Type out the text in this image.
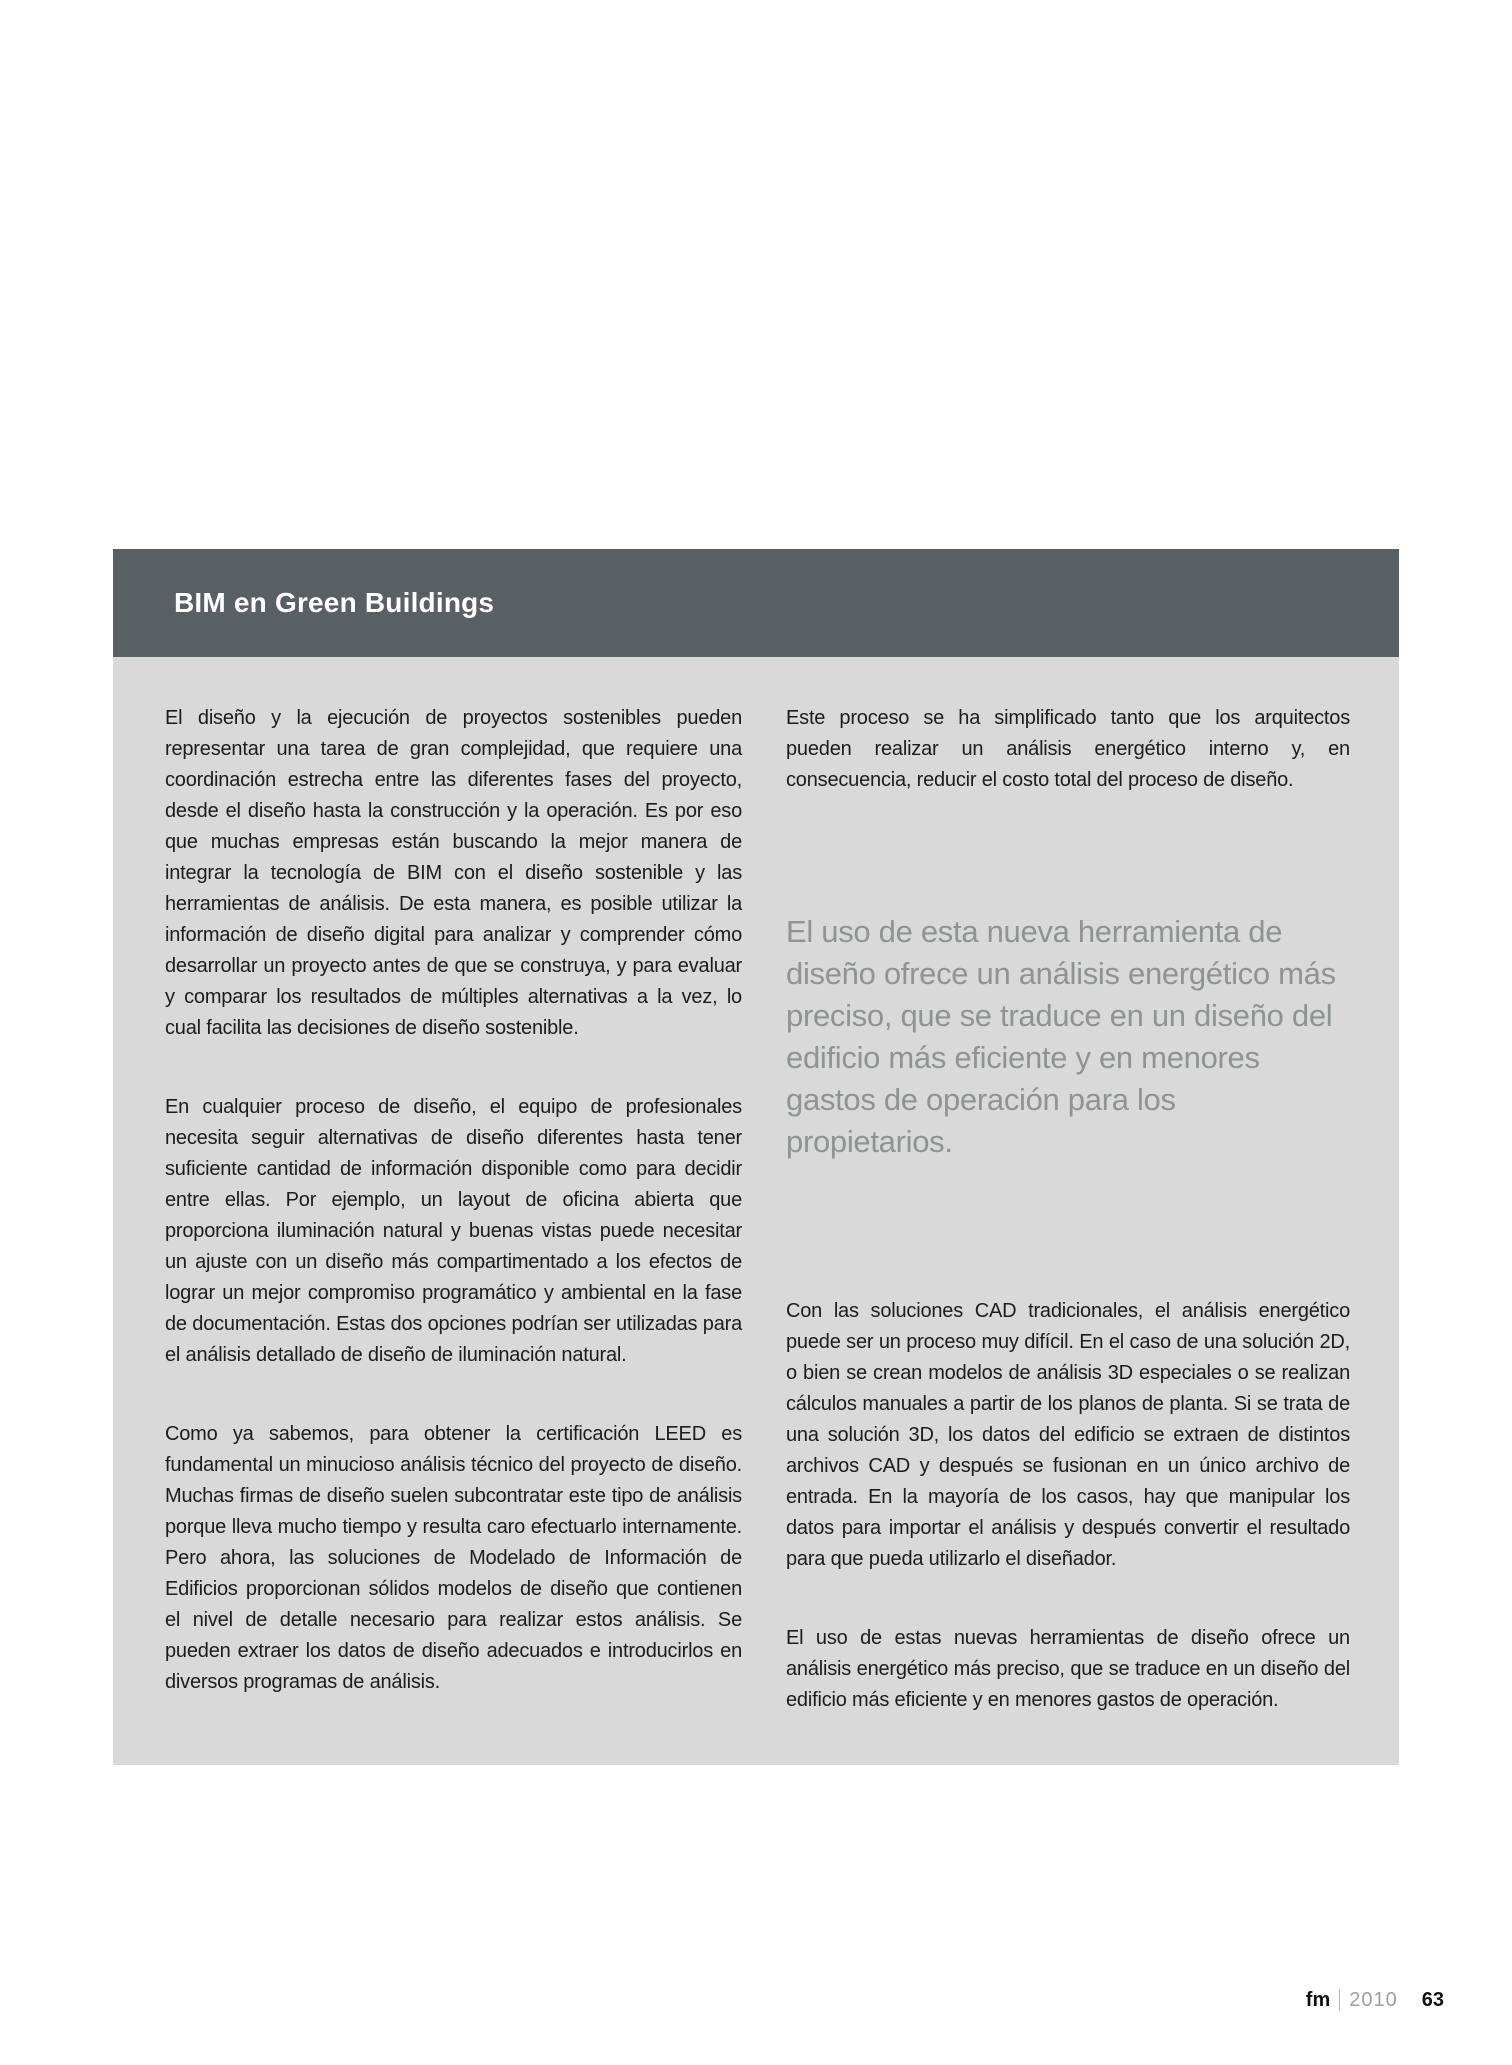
BIM en Green Buildings

El diseño y la ejecución de proyectos sostenibles pueden representar una tarea de gran complejidad, que requiere una coordinación estrecha entre las diferentes fases del proyecto, desde el diseño hasta la construcción y la operación. Es por eso que muchas empresas están buscando la mejor manera de integrar la tecnología de BIM con el diseño sostenible y las herramientas de análisis. De esta manera, es posible utilizar la información de diseño digital para analizar y comprender cómo desarrollar un proyecto antes de que se construya, y para evaluar y comparar los resultados de múltiples alternativas a la vez, lo cual facilita las decisiones de diseño sostenible.

En cualquier proceso de diseño, el equipo de profesionales necesita seguir alternativas de diseño diferentes hasta tener suficiente cantidad de información disponible como para decidir entre ellas. Por ejemplo, un layout de oficina abierta que proporciona iluminación natural y buenas vistas puede necesitar un ajuste con un diseño más compartimentado a los efectos de lograr un mejor compromiso programático y ambiental en la fase de documentación. Estas dos opciones podrían ser utilizadas para el análisis detallado de diseño de iluminación natural.

Como ya sabemos, para obtener la certificación LEED es fundamental un minucioso análisis técnico del proyecto de diseño. Muchas firmas de diseño suelen subcontratar este tipo de análisis porque lleva mucho tiempo y resulta caro efectuarlo internamente. Pero ahora, las soluciones de Modelado de Información de Edificios proporcionan sólidos modelos de diseño que contienen el nivel de detalle necesario para realizar estos análisis. Se pueden extraer los datos de diseño adecuados e introducirlos en diversos programas de análisis.

Este proceso se ha simplificado tanto que los arquitectos pueden realizar un análisis energético interno y, en consecuencia, reducir el costo total del proceso de diseño.

El uso de esta nueva herramienta de diseño ofrece un análisis energético más preciso, que se traduce en un diseño del edificio más eficiente y en menores gastos de operación para los propietarios.

Con las soluciones CAD tradicionales, el análisis energético puede ser un proceso muy difícil. En el caso de una solución 2D, o bien se crean modelos de análisis 3D especiales o se realizan cálculos manuales a partir de los planos de planta. Si se trata de una solución 3D, los datos del edificio se extraen de distintos archivos CAD y después se fusionan en un único archivo de entrada. En la mayoría de los casos, hay que manipular los datos para importar el análisis y después convertir el resultado para que pueda utilizarlo el diseñador.

El uso de estas nuevas herramientas de diseño ofrece un análisis energético más preciso, que se traduce en un diseño del edificio más eficiente y en menores gastos de operación.

fm 2010 63
